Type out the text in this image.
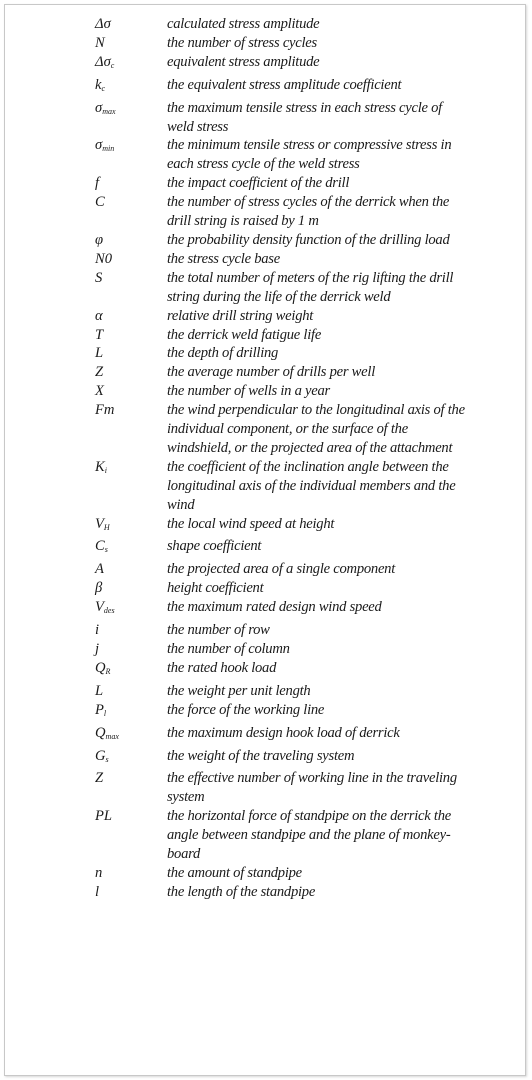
Δσ	calculated stress amplitude
N	the number of stress cycles
$\Delta\sigma_c$	equivalent stress amplitude
$k_c$	the equivalent stress amplitude coefficient
$\sigma_{max}$	the maximum tensile stress in each stress cycle of weld stress
$\sigma_{min}$	the minimum tensile stress or compressive stress in each stress cycle of the weld stress
f	the impact coefficient of the drill
C	the number of stress cycles of the derrick when the drill string is raised by 1 m
φ	the probability density function of the drilling load
N0	the stress cycle base
S	the total number of meters of the rig lifting the drill string during the life of the derrick weld
α	relative drill string weight
T	the derrick weld fatigue life
L	the depth of drilling
Z	the average number of drills per well
X	the number of wells in a year
Fm	the wind perpendicular to the longitudinal axis of the individual component, or the surface of the windshield, or the projected area of the attachment
$K_i$	the coefficient of the inclination angle between the longitudinal axis of the individual members and the wind
$V_H$	the local wind speed at height
$C_s$	shape coefficient
A	the projected area of a single component
β	height coefficient
$V_{des}$	the maximum rated design wind speed
i	the number of row
j	the number of column
$Q_R$	the rated hook load
L	the weight per unit length
$P_l$	the force of the working line
$Q_{max}$	the maximum design hook load of derrick
$G_s$	the weight of the traveling system
Z	the effective number of working line in the traveling system
PL	the horizontal force of standpipe on the derrick the angle between standpipe and the plane of monkey-board
n	the amount of standpipe
l	the length of the standpipe
